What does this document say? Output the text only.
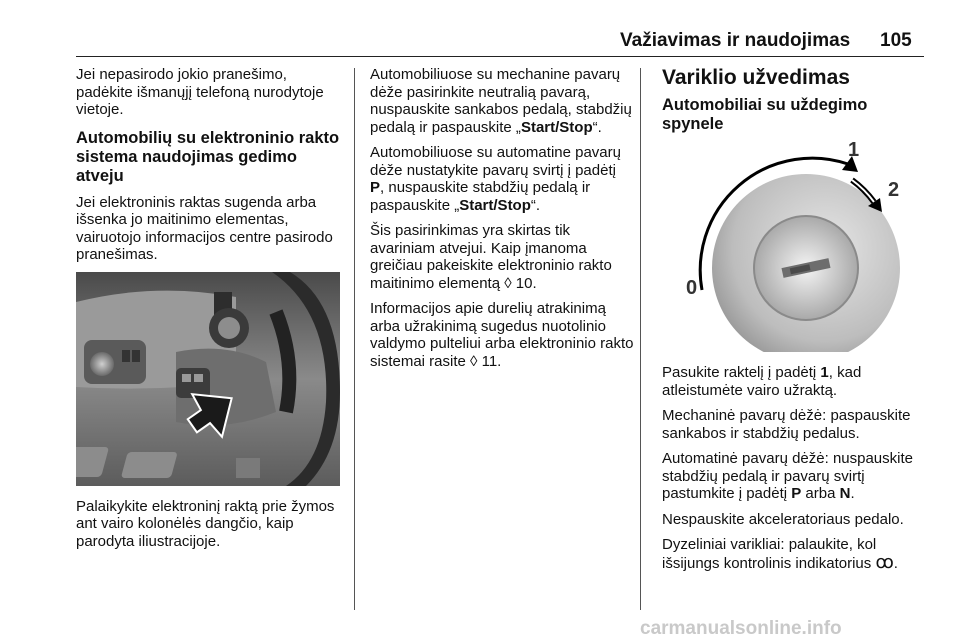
Važiavimas ir naudojimas 105

Jei nepasirodo jokio pranešimo, padėkite išmanųjį telefoną nurodytoje vietoje.

Automobilių su elektroninio rakto sistema naudojimas gedimo atveju

Jei elektroninis raktas sugenda arba išsenka jo maitinimo elementas, vairuotojo informacijos centre pasirodo pranešimas.

Palaikykite elektroninį raktą prie žymos ant vairo kolonėlės dangčio, kaip parodyta iliustracijoje.

Automobiliuose su mechanine pavarų dėže pasirinkite neutralią pavarą, nuspauskite sankabos pedalą, stabdžių pedalą ir paspauskite „Start/Stop“.

Automobiliuose su automatine pavarų dėže nustatykite pavarų svirtį į padėtį P, nuspauskite stabdžių pedalą ir paspauskite „Start/Stop“.

Šis pasirinkimas yra skirtas tik avariniam atvejui. Kaip įmanoma greičiau pakeiskite elektroninio rakto maitinimo elementą ◊ 10.

Informacijos apie durelių atrakinimą arba užrakinimą sugedus nuotolinio valdymo pulteliui arba elektroninio rakto sistemai rasite ◊ 11.

Variklio užvedimas
Automobiliai su uždegimo spynele
1
2
0

Pasukite raktelį į padėtį 1, kad atleistumėte vairo užraktą.

Mechaninė pavarų dėžė: paspauskite sankabos ir stabdžių pedalus.

Automatinė pavarų dėžė: nuspauskite stabdžių pedalą ir pavarų svirtį pastumkite į padėtį P arba N.

Nespauskite akceleratoriaus pedalo.

Dyzeliniai varikliai: palaukite, kol išsijungs kontrolinis indikatorius ꝏ.

carmanualsonline.info
